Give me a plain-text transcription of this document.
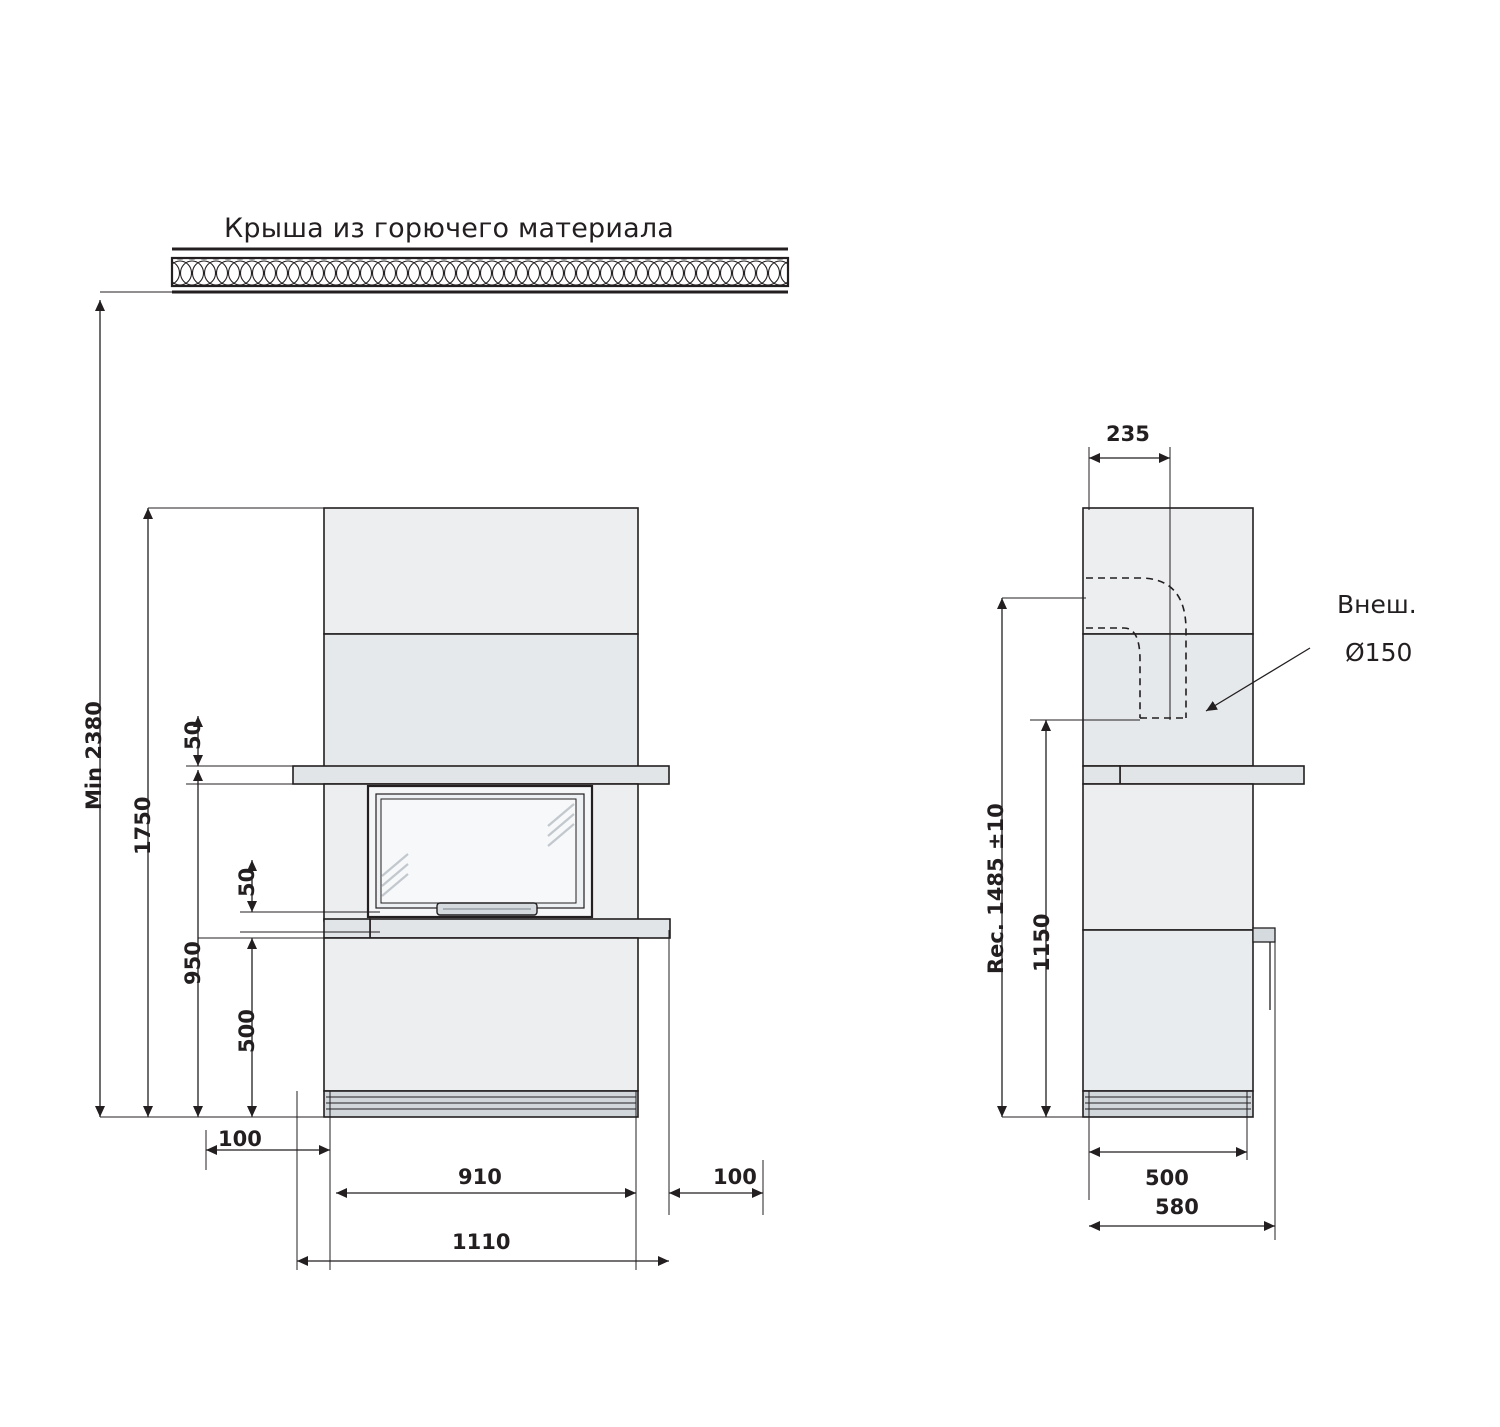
Крыша из горючего материала
Внеш.
Ø150
Min 2380
1750
50
950
50
500
100
910	100
1110
235
Rec. 1485 ±10 1150
500
580
